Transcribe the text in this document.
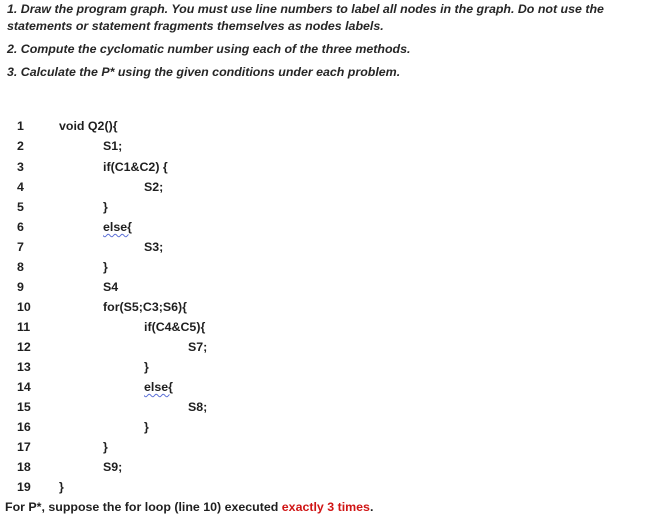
1. Draw the program graph. You must use line numbers to label all nodes in the graph. Do not use the statements or statement fragments themselves as nodes labels.
2. Compute the cyclomatic number using each of the three methods.
3. Calculate the P* using the given conditions under each problem.
1	void Q2(){
2	S1;
3	if(C1&C2) {
4	S2;
5	}
6	else{
7	S3;
8	}
9	S4
10	for(S5;C3;S6){
11	if(C4&C5){
12	S7;
13	}
14	else{
15	S8;
16	}
17	}
18	S9;
19	}
For P*, suppose the for loop (line 10) executed exactly 3 times.
